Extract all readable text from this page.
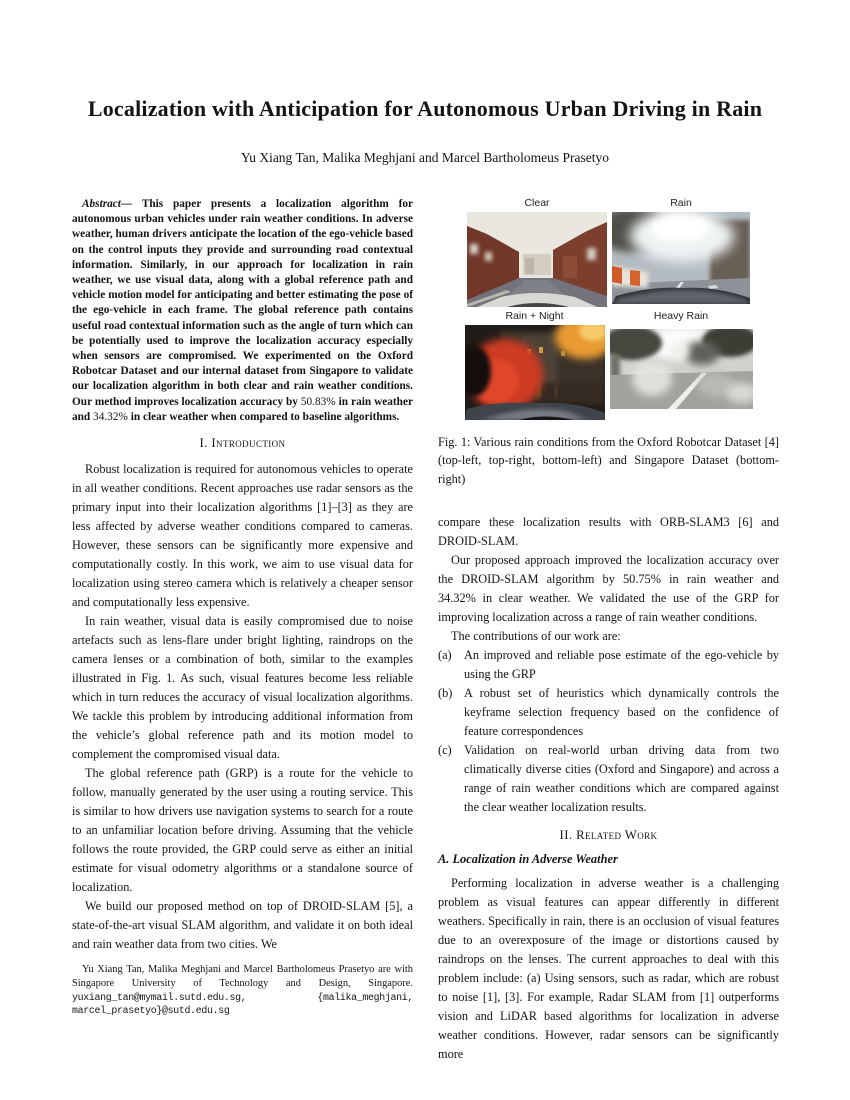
Localization with Anticipation for Autonomous Urban Driving in Rain
Yu Xiang Tan, Malika Meghjani and Marcel Bartholomeus Prasetyo

Abstract— This paper presents a localization algorithm for autonomous urban vehicles under rain weather conditions. In adverse weather, human drivers anticipate the location of the ego-vehicle based on the control inputs they provide and surrounding road contextual information. Similarly, in our approach for localization in rain weather, we use visual data, along with a global reference path and vehicle motion model for anticipating and better estimating the pose of the ego-vehicle in each frame. The global reference path contains useful road contextual information such as the angle of turn which can be potentially used to improve the localization accuracy especially when sensors are compromised. We experimented on the Oxford Robotcar Dataset and our internal dataset from Singapore to validate our localization algorithm in both clear and rain weather conditions. Our method improves localization accuracy by 50.83% in rain weather and 34.32% in clear weather when compared to baseline algorithms.

I. Introduction

Robust localization is required for autonomous vehicles to operate in all weather conditions. Recent approaches use radar sensors as the primary input into their localization algorithms [1]–[3] as they are less affected by adverse weather conditions compared to cameras. However, these sensors can be significantly more expensive and computationally costly. In this work, we aim to use visual data for localization using stereo camera which is relatively a cheaper sensor and computationally less expensive.

In rain weather, visual data is easily compromised due to noise artefacts such as lens-flare under bright lighting, raindrops on the camera lenses or a combination of both, similar to the examples illustrated in Fig. 1. As such, visual features become less reliable which in turn reduces the accuracy of visual localization algorithms. We tackle this problem by introducing additional information from the vehicle’s global reference path and its motion model to complement the compromised visual data.

The global reference path (GRP) is a route for the vehicle to follow, manually generated by the user using a routing service. This is similar to how drivers use navigation systems to search for a route to an unfamiliar location before driving. Assuming that the vehicle follows the route provided, the GRP could serve as either an initial estimate for visual odometry algorithms or a standalone source of localization.

We build our proposed method on top of DROID-SLAM [5], a state-of-the-art visual SLAM algorithm, and validate it on both ideal and rain weather data from two cities. We

Clear	Rain
Rain + Night	Heavy Rain

Fig. 1: Various rain conditions from the Oxford Robotcar Dataset [4] (top-left, top-right, bottom-left) and Singapore Dataset (bottom-right)

compare these localization results with ORB-SLAM3 [6] and DROID-SLAM.

Our proposed approach improved the localization accuracy over the DROID-SLAM algorithm by 50.75% in rain weather and 34.32% in clear weather. We validated the use of the GRP for improving localization across a range of rain weather conditions.

The contributions of our work are:

(a)	An improved and reliable pose estimate of the ego-vehicle by using the GRP
(b) A robust set of heuristics which dynamically controls the keyframe selection frequency based on the confidence of feature correspondences
(c)	Validation on real-world urban driving data from two climatically diverse cities (Oxford and Singapore) and across a range of rain weather conditions which are compared against the clear weather localization results.
II. Related Work
A. Localization in Adverse Weather

Performing localization in adverse weather is a challenging problem as visual features can appear differently in different weathers. Specifically in rain, there is an occlusion of visual features due to an overexposure of the image or distortions caused by raindrops on the lenses. The current approaches to deal with this problem include: (a) Using sensors, such as radar, which are robust to noise [1], [3]. For example, Radar SLAM from [1] outperforms vision and LiDAR based algorithms for localization in adverse weather conditions. However, radar sensors can be significantly more

Yu Xiang Tan, Malika Meghjani and Marcel Bartholomeus Prasetyo are with Singapore University of Technology and Design, Singapore. yuxiang_tan@mymail.sutd.edu.sg,	{malika_meghjani, marcel_prasetyo}@sutd.edu.sg
